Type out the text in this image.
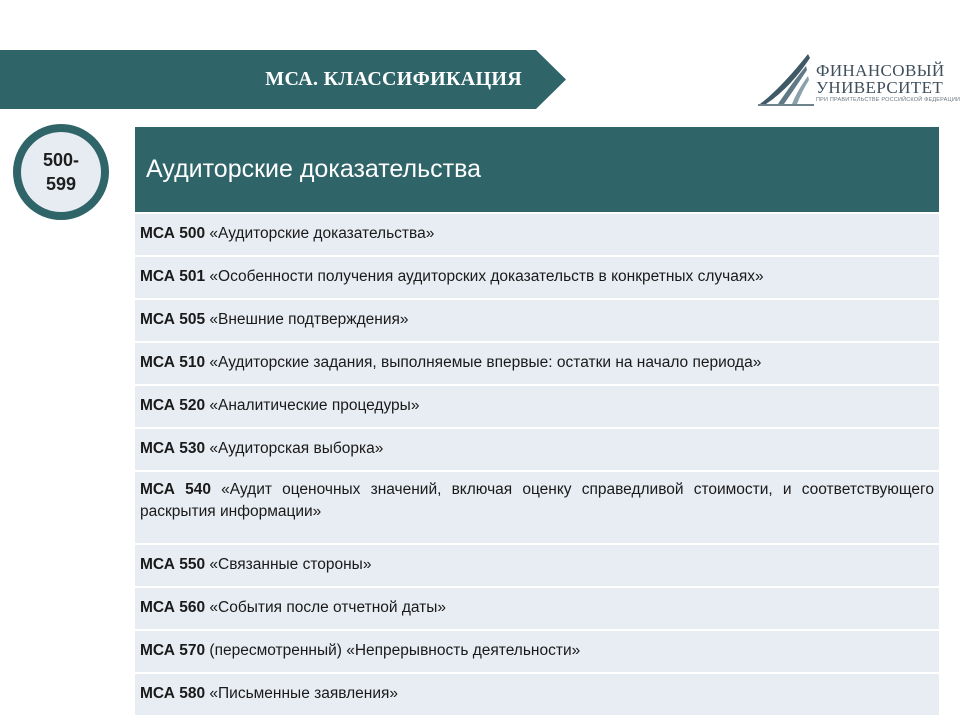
МСА. КЛАССИФИКАЦИЯ	ФИНАНСОВЫЙ
УНИВЕРСИТЕТ
ПРИ ПРАВИТЕЛЬСТВЕ РОССИЙСКОЙ ФЕДЕРАЦИИ
500-
599
Аудиторские доказательства
МСА 500 «Аудиторские доказательства»
МСА 501 «Особенности получения аудиторских доказательств в конкретных случаях»
МСА 505 «Внешние подтверждения»
МСА 510 «Аудиторские задания, выполняемые впервые: остатки на начало периода»
МСА 520 «Аналитические процедуры»
МСА 530 «Аудиторская выборка»
МСА 540 «Аудит оценочных значений, включая оценку справедливой стоимости, и соответствующего раскрытия информации»
МСА 550 «Связанные стороны»
МСА 560 «События после отчетной даты»
МСА 570 (пересмотренный) «Непрерывность деятельности»
МСА 580 «Письменные заявления»
